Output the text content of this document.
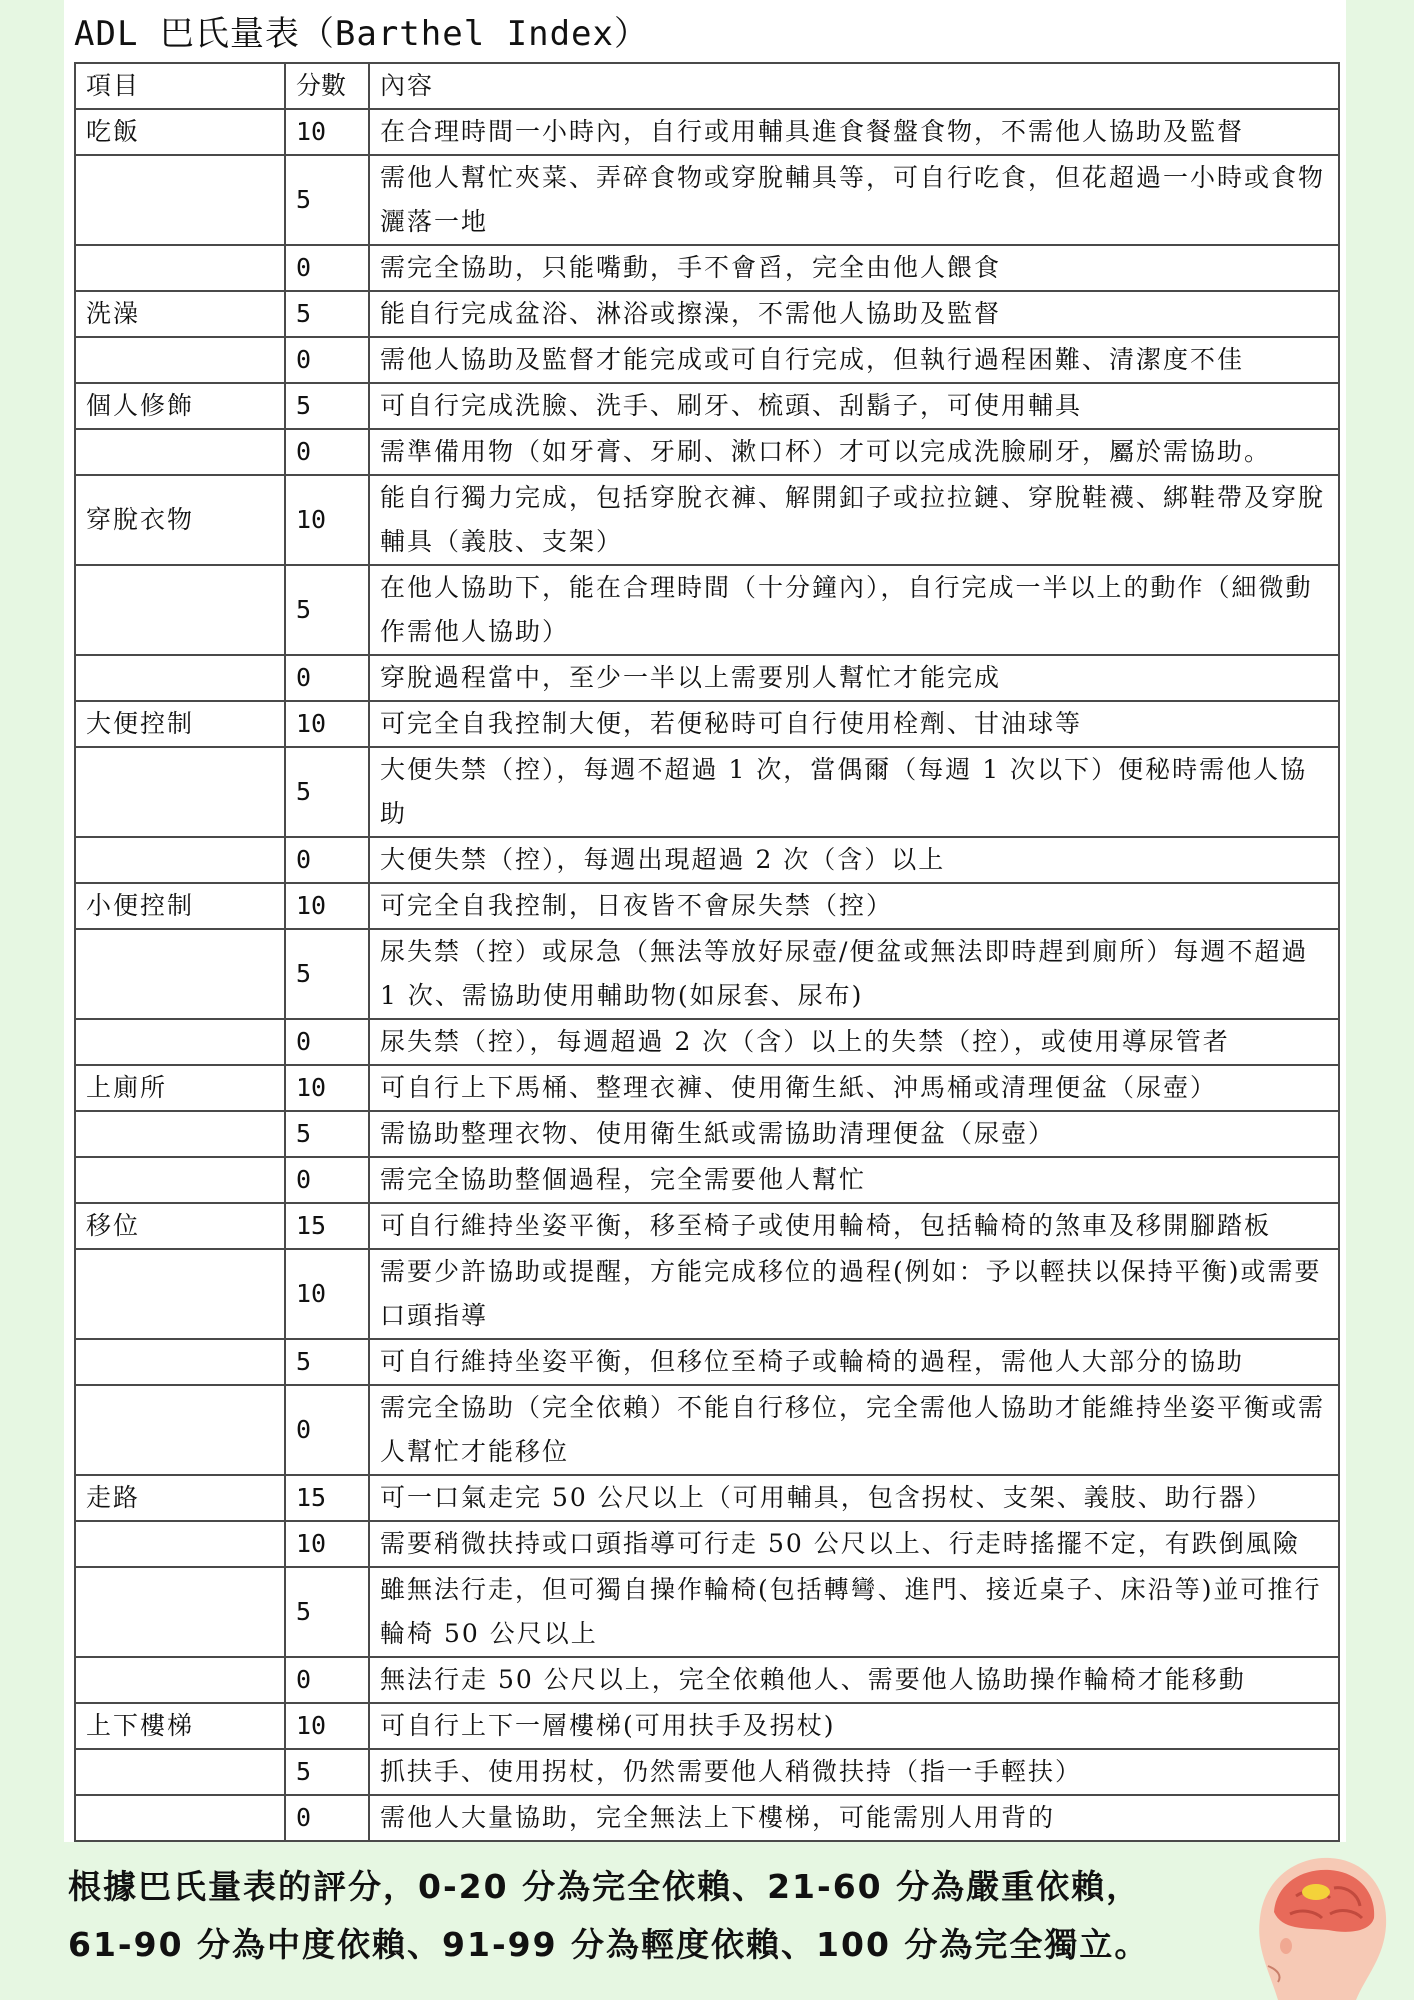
ADL 巴氏量表（Barthel Index）
項目	分數	內容
吃飯	10	在合理時間一小時內，自行或用輔具進食餐盤食物，不需他人協助及監督
	5	需他人幫忙夾菜、弄碎食物或穿脫輔具等，可自行吃食，但花超過一小時或食物灑落一地
	0	需完全協助，只能嘴動，手不會舀，完全由他人餵食
洗澡	5	能自行完成盆浴、淋浴或擦澡，不需他人協助及監督
	0	需他人協助及監督才能完成或可自行完成，但執行過程困難、清潔度不佳
個人修飾	5	可自行完成洗臉、洗手、刷牙、梳頭、刮鬍子，可使用輔具
	0	需準備用物（如牙膏、牙刷、漱口杯）才可以完成洗臉刷牙，屬於需協助。
穿脫衣物	10	能自行獨力完成，包括穿脫衣褲、解開釦子或拉拉鏈、穿脫鞋襪、綁鞋帶及穿脫輔具（義肢、支架）
	5	在他人協助下，能在合理時間（十分鐘內），自行完成一半以上的動作（細微動作需他人協助）
	0	穿脫過程當中，至少一半以上需要別人幫忙才能完成
大便控制	10	可完全自我控制大便，若便秘時可自行使用栓劑、甘油球等
	5	大便失禁（控），每週不超過 1 次，當偶爾（每週 1 次以下）便秘時需他人協助
	0	大便失禁（控），每週出現超過 2 次（含）以上
小便控制	10	可完全自我控制，日夜皆不會尿失禁（控）
	5	尿失禁（控）或尿急（無法等放好尿壺/便盆或無法即時趕到廁所）每週不超過 1 次、需協助使用輔助物(如尿套、尿布)
	0	尿失禁（控），每週超過 2 次（含）以上的失禁（控），或使用導尿管者
上廁所	10	可自行上下馬桶、整理衣褲、使用衛生紙、沖馬桶或清理便盆（尿壺）
	5	需協助整理衣物、使用衛生紙或需協助清理便盆（尿壺）
	0	需完全協助整個過程，完全需要他人幫忙
移位	15	可自行維持坐姿平衡，移至椅子或使用輪椅，包括輪椅的煞車及移開腳踏板
	10	需要少許協助或提醒，方能完成移位的過程(例如：予以輕扶以保持平衡)或需要口頭指導
	5	可自行維持坐姿平衡，但移位至椅子或輪椅的過程，需他人大部分的協助
	0	需完全協助（完全依賴）不能自行移位，完全需他人協助才能維持坐姿平衡或需人幫忙才能移位
走路	15	可一口氣走完 50 公尺以上（可用輔具，包含拐杖、支架、義肢、助行器）
	10	需要稍微扶持或口頭指導可行走 50 公尺以上、行走時搖擺不定，有跌倒風險
	5	雖無法行走，但可獨自操作輪椅(包括轉彎、進門、接近桌子、床沿等)並可推行輪椅 50 公尺以上
	0	無法行走 50 公尺以上，完全依賴他人、需要他人協助操作輪椅才能移動
上下樓梯	10	可自行上下一層樓梯(可用扶手及拐杖)
	5	抓扶手、使用拐杖，仍然需要他人稍微扶持（指一手輕扶）
	0	需他人大量協助，完全無法上下樓梯，可能需別人用背的
根據巴氏量表的評分，0-20 分為完全依賴、21-60 分為嚴重依賴，
61-90 分為中度依賴、91-99 分為輕度依賴、100 分為完全獨立。
